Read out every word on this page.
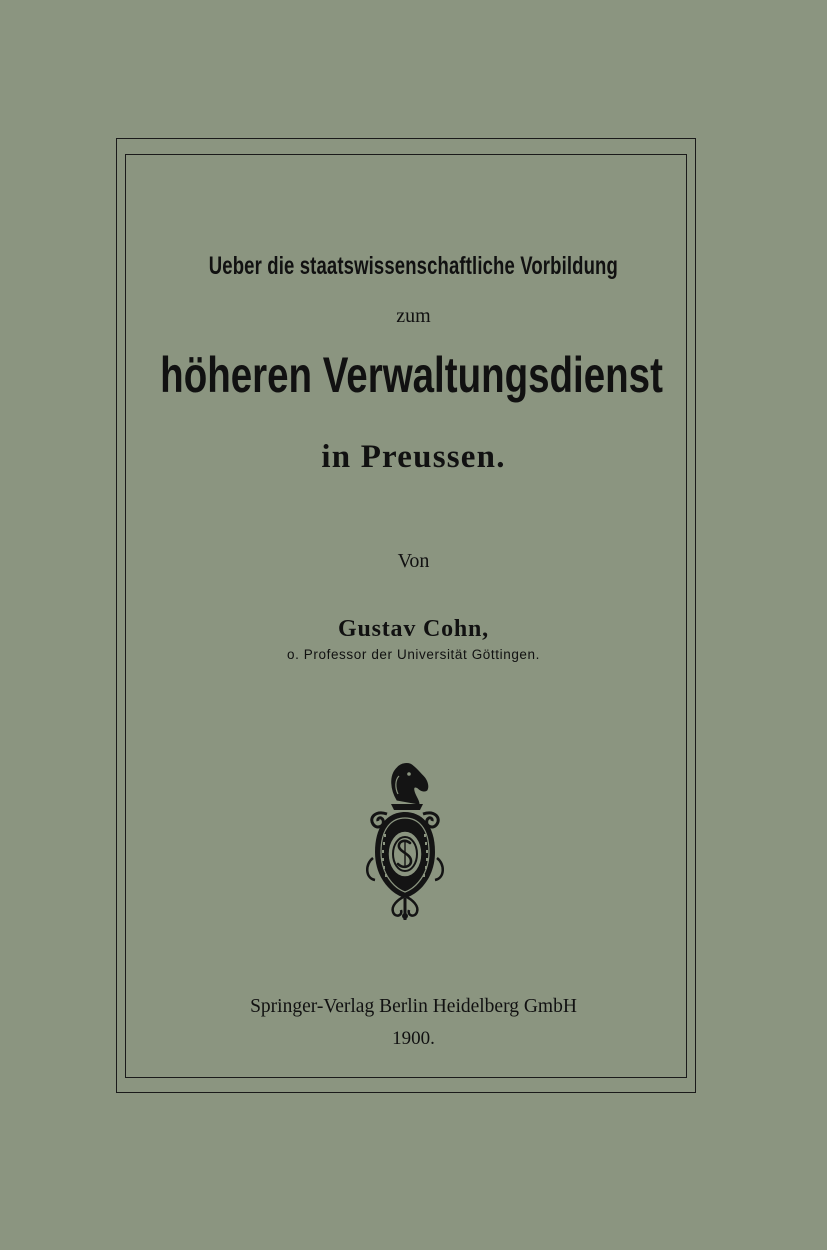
Ueber die staatswissenschaftliche Vorbildung

zum

höheren Verwaltungsdienst

in Preussen.

Von

Gustav Cohn,

o. Professor der Universität Göttingen.

Springer-Verlag Berlin Heidelberg GmbH

1900.
